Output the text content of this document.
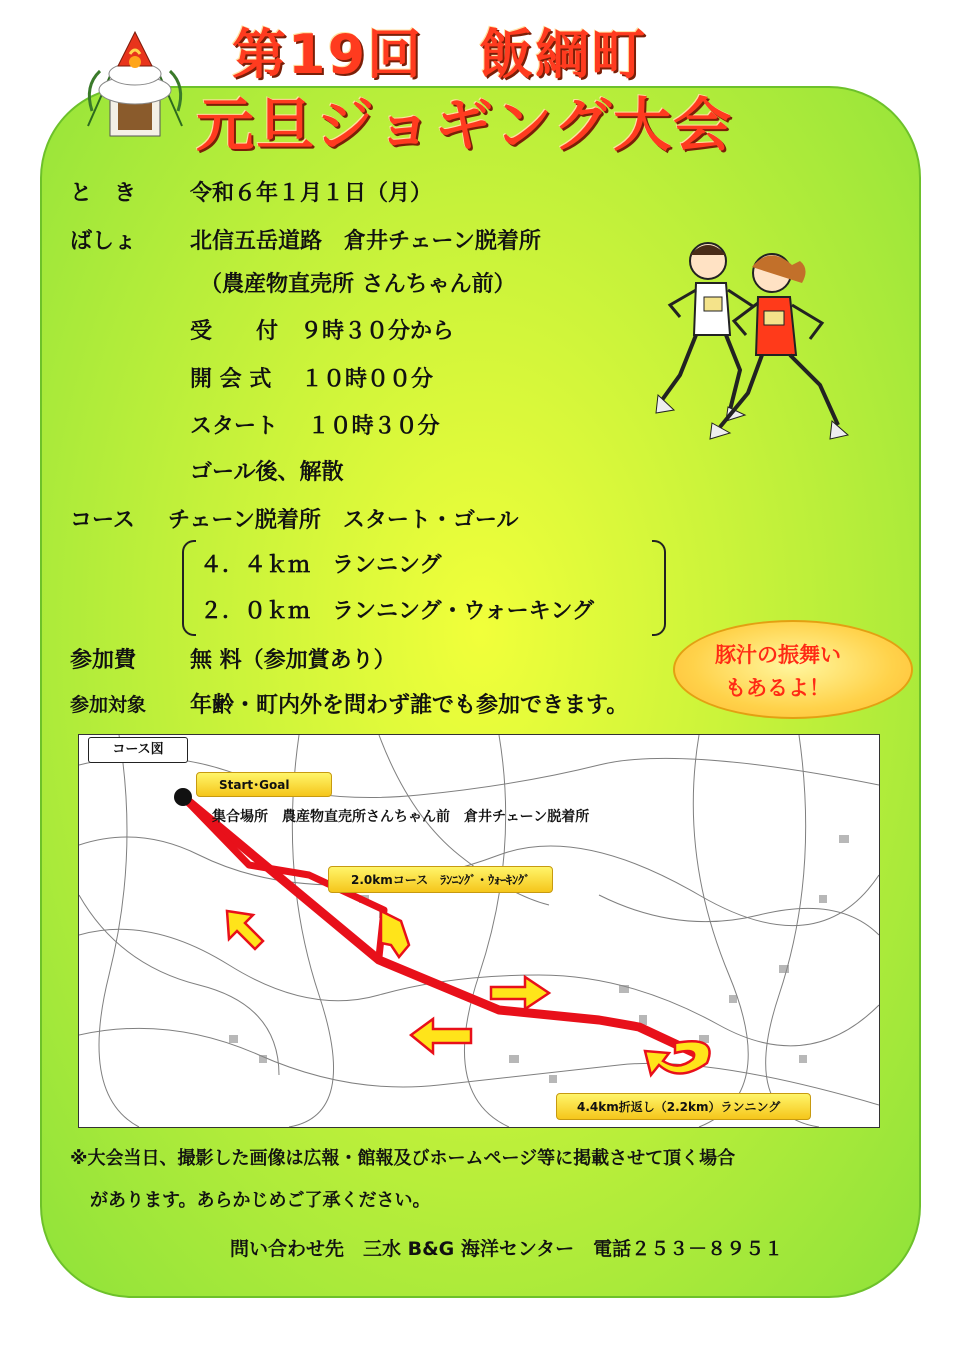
第19回　飯綱町
元旦ジョギング大会
と　き 令和６年１月１日（月）
ばしょ 北信五岳道路　倉井チェーン脱着所
（農産物直売所 さんちゃん前）
受　　付　９時３０分から
開 会 式　 １０時００分
スタート　 １０時３０分
ゴール後、解散
コース チェーン脱着所　スタート・ゴール
４．４ｋｍ　ランニング
２．０ｋｍ　ランニング・ウォーキング
参加費 無 料（参加賞あり）
参加対象 年齢・町内外を問わず誰でも参加できます。
豚汁の振舞い
もあるよ！
コース図
Start･Goal
集合場所　農産物直売所さんちゃん前　倉井チェーン脱着所
2.0kmコース　ﾗﾝﾆﾝｸﾞ・ｳｫｰｷﾝｸﾞ
4.4km折返し（2.2km）ランニング
※大会当日、撮影した画像は広報・館報及びホームページ等に掲載させて頂く場合
があります。あらかじめご了承ください。
問い合わせ先　三水 B&G 海洋センター　電話２５３－８９５１
